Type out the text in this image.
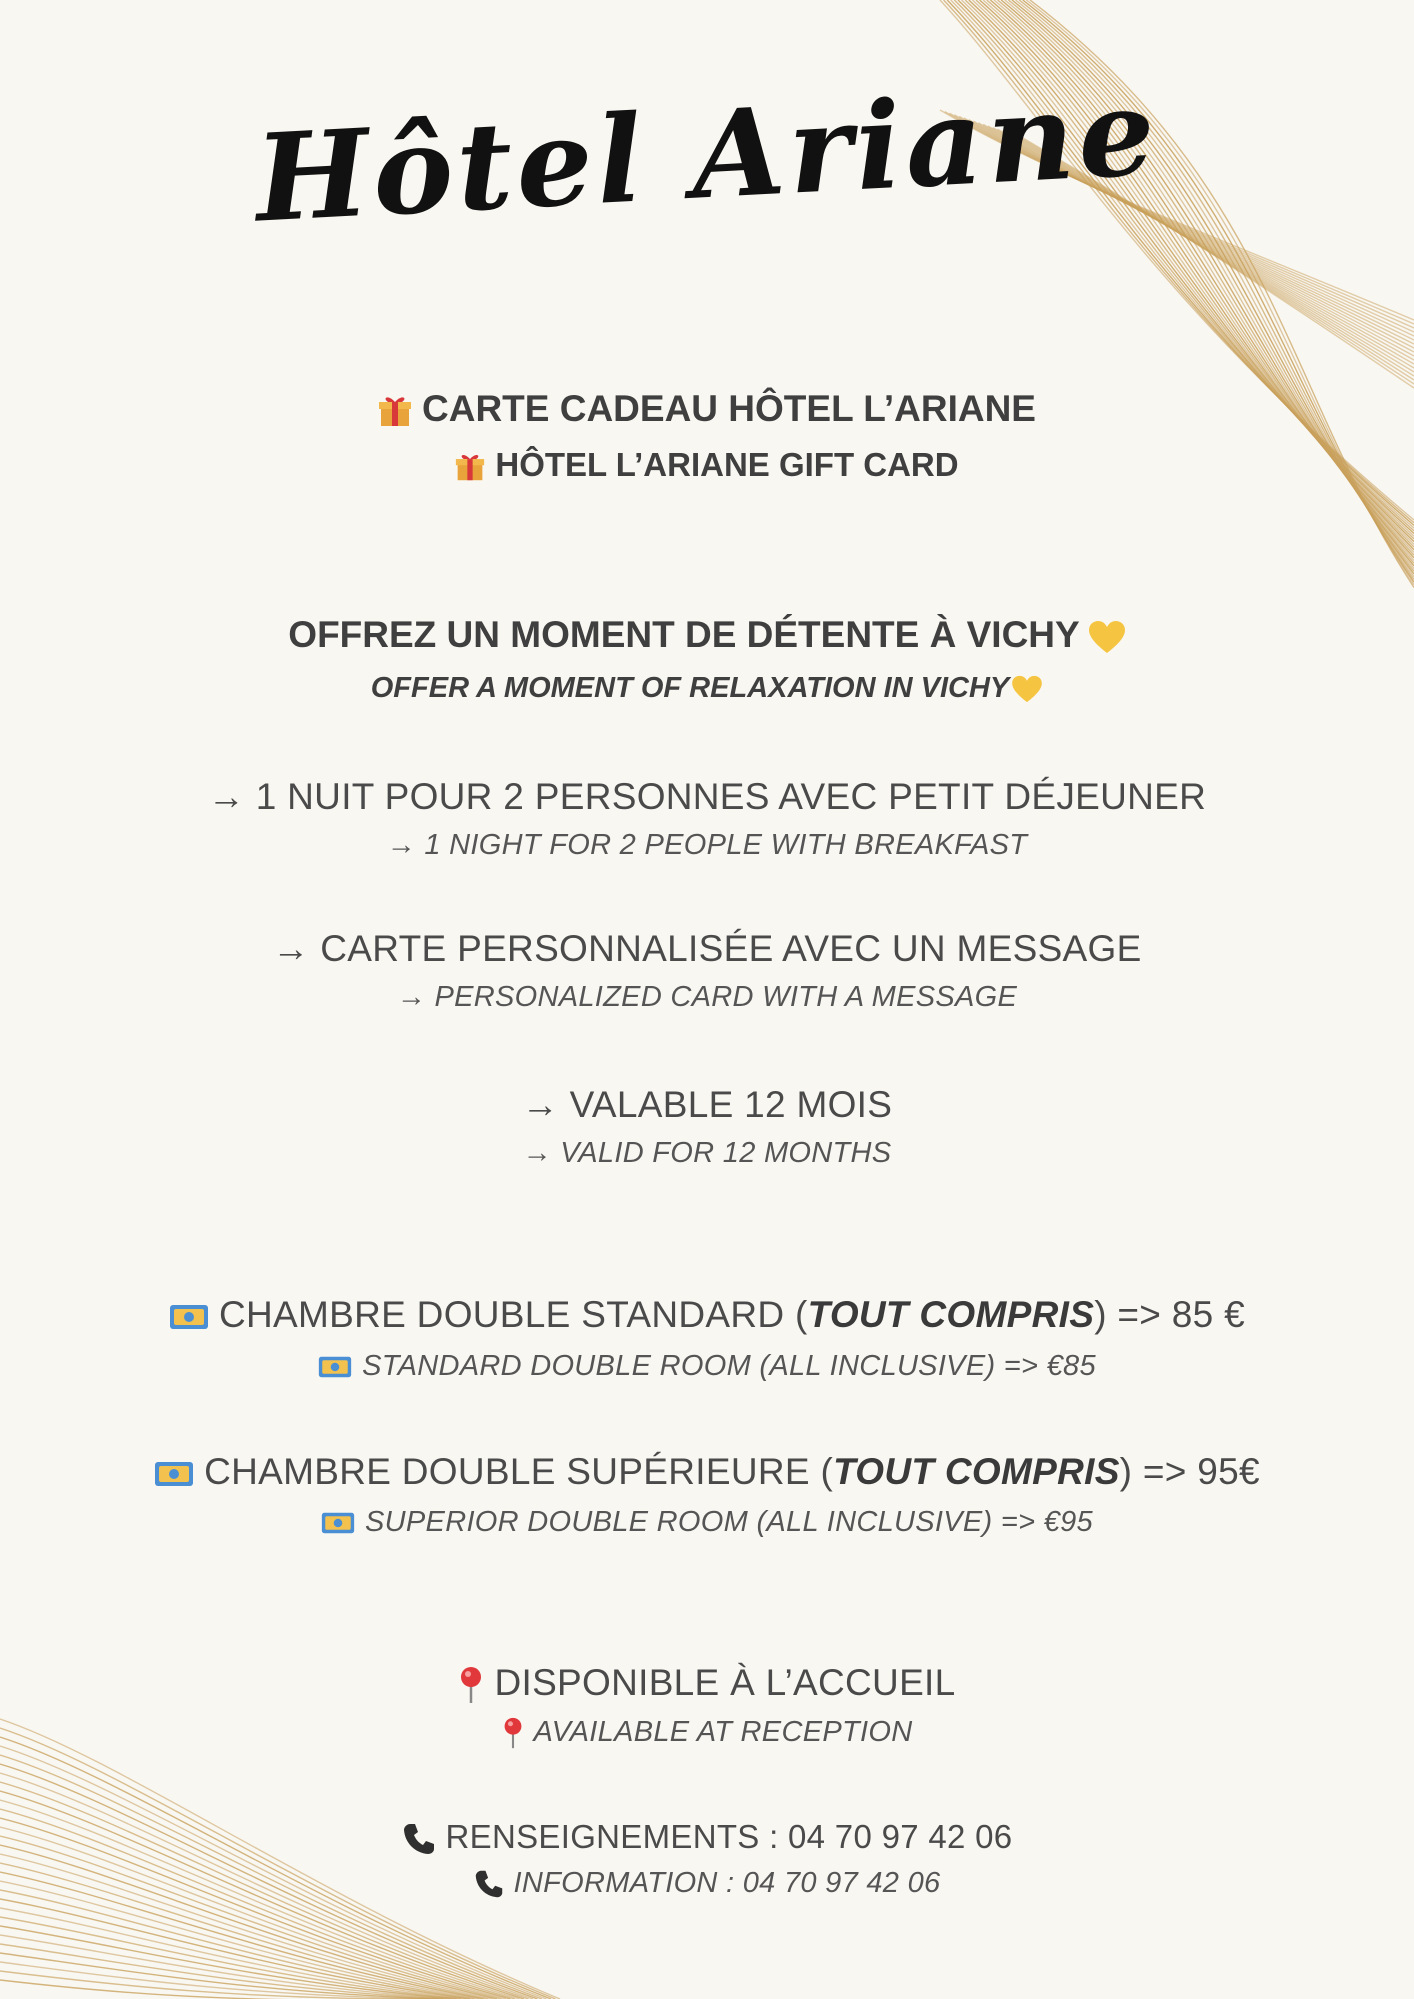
Hôtel Ariane
CARTE CADEAU HÔTEL L’ARIANE
HÔTEL L’ARIANE GIFT CARD
OFFREZ UN MOMENT DE DÉTENTE À VICHY
OFFER A MOMENT OF RELAXATION IN VICHY
→ 1 NUIT POUR 2 PERSONNES AVEC PETIT DÉJEUNER
→ 1 NIGHT FOR 2 PEOPLE WITH BREAKFAST
→ CARTE PERSONNALISÉE AVEC UN MESSAGE
→ PERSONALIZED CARD WITH A MESSAGE
→ VALABLE 12 MOIS
→ VALID FOR 12 MONTHS
CHAMBRE DOUBLE STANDARD (TOUT COMPRIS) => 85 €
STANDARD DOUBLE ROOM (ALL INCLUSIVE) => €85
CHAMBRE DOUBLE SUPÉRIEURE (TOUT COMPRIS) => 95€
SUPERIOR DOUBLE ROOM (ALL INCLUSIVE) => €95
DISPONIBLE À L’ACCUEIL
AVAILABLE AT RECEPTION
RENSEIGNEMENTS : 04 70 97 42 06
INFORMATION : 04 70 97 42 06
